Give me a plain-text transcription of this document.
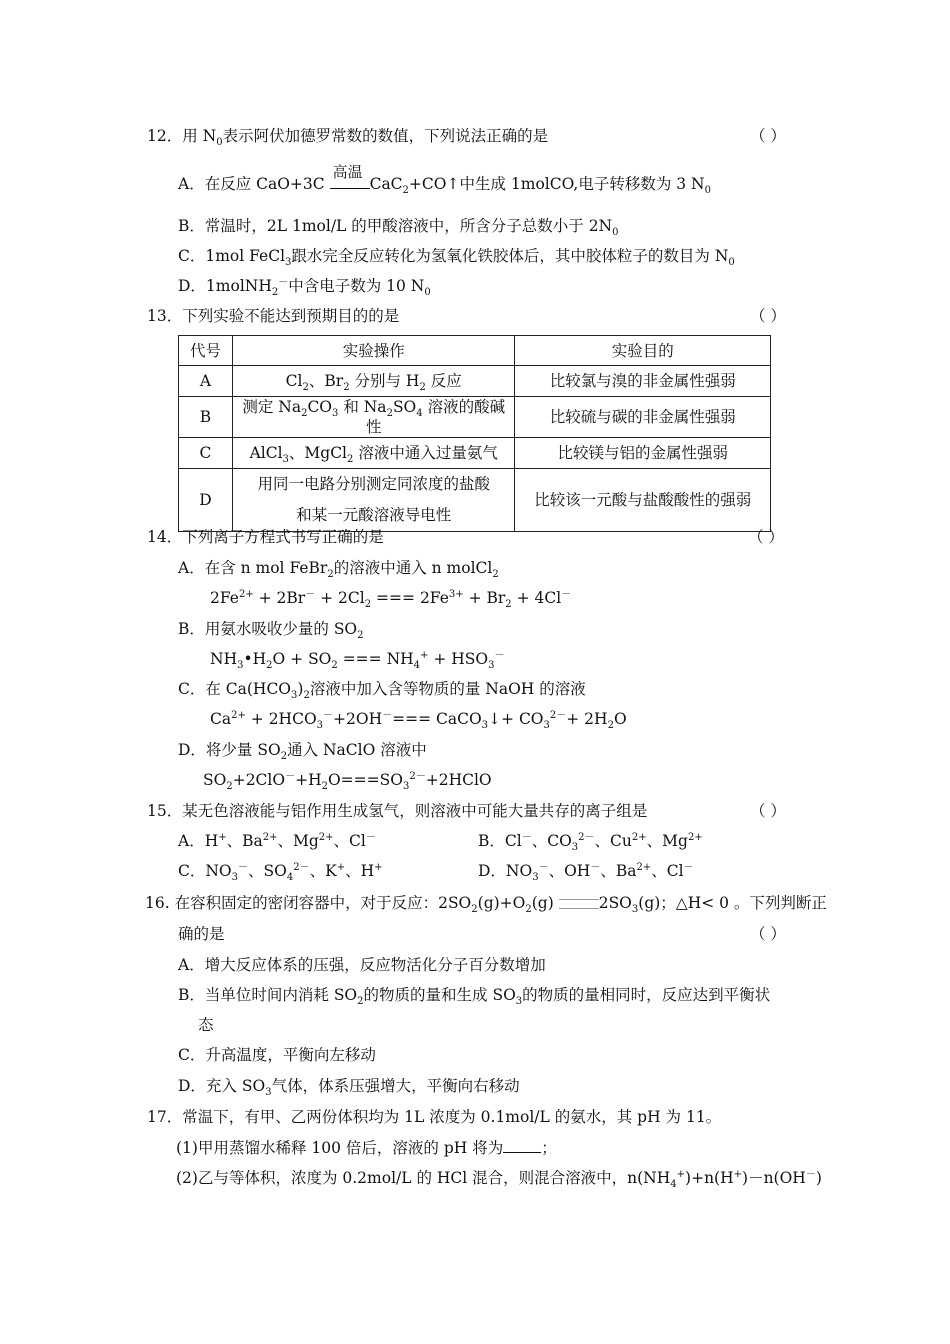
12．用 $N_0$表示阿伏加德罗常数的数值，下列说法正确的是	（ ）
A．在反应 CaO+3C
高温
CaC$_2$+CO↑中生成 1molCO,电子转移数为 3 $N_0$
B．常温时，2L 1mol/L 的甲酸溶液中，所含分子总数小于 $2N_0$
C．1mol FeCl$_3$跟水完全反应转化为氢氧化铁胶体后，其中胶体粒子的数目为 $N_0$
D．1molNH$_2$－中含电子数为 10 $N_0$
13．下列实验不能达到预期目的的是	（ ）
代号	实验操作	实验目的
A	$Cl_2$、$Br_2$ 分别与 $H_2$ 反应	比较氯与溴的非金属性强弱
B	测定 $Na_2CO_3$ 和 $Na_2SO_4$ 溶液的酸碱性	比较硫与碳的非金属性强弱
C	AlCl$_3$、MgCl$_2$ 溶液中通入过量氨气	比较镁与铝的金属性强弱
D	用同一电路分别测定同浓度的盐酸
和某一元酸溶液导电性	比较该一元酸与盐酸酸性的强弱
14．下列离子方程式书写正确的是	（ ）
A．在含 n mol FeBr$_2$的溶液中通入 n molCl$_2$
$2Fe^{2+} + 2Br^- + 2Cl_2$ === $2Fe^{3+} + Br_2 + 4Cl^-$
B．用氨水吸收少量的 $SO_2$
$NH_3•H_2O + SO_2$ === $NH_4^+ + HSO_3^-$
C．在 $Ca(HCO_3)_2$溶液中加入含等物质的量 NaOH 的溶液
$Ca^{2+} + 2HCO_3^-+2OH^-===$ CaCO$_3$↓+ $CO_3^{2-}+ 2H_2O$
D．将少量 $SO_2$通入 NaClO 溶液中
$SO_2+2ClO^-+H_2O===SO_3^{2-}+2HClO$
15．某无色溶液能与铝作用生成氢气，则溶液中可能大量共存的离子组是	（ ）
A．H+、$Ba^{2+}$、$Mg^{2+}$、Cl－	B．Cl－、$CO_3^{2-}$、$Cu^{2+}$、$Mg^{2+}$
C．$NO_3^-$、$SO_4^{2-}$、K+、H+	D．$NO_3^-$、OH－、$Ba^{2+}$、Cl－
16. 在容积固定的密闭容器中，对于反应：$2SO_2(g)+O_2(g)$	$2SO_3(g)$；△H< 0 。下列判断正
确的是	（ ）
A．增大反应体系的压强，反应物活化分子百分数增加
B．当单位时间内消耗 $SO_2$的物质的量和生成 $SO_3$的物质的量相同时，反应达到平衡状
态
C．升高温度，平衡向左移动
D．充入 $SO_3$气体，体系压强增大，平衡向右移动
17．常温下，有甲、乙两份体积均为 1L 浓度为 0.1mol/L 的氨水，其 pH 为 11。
(1)甲用蒸馏水稀释 100 倍后，溶液的 pH 将为 ；
(2)乙与等体积，浓度为 0.2mol/L 的 HCl 混合，则混合溶液中，$n(NH_4^+)+n(H^+)-n(OH^-)$
